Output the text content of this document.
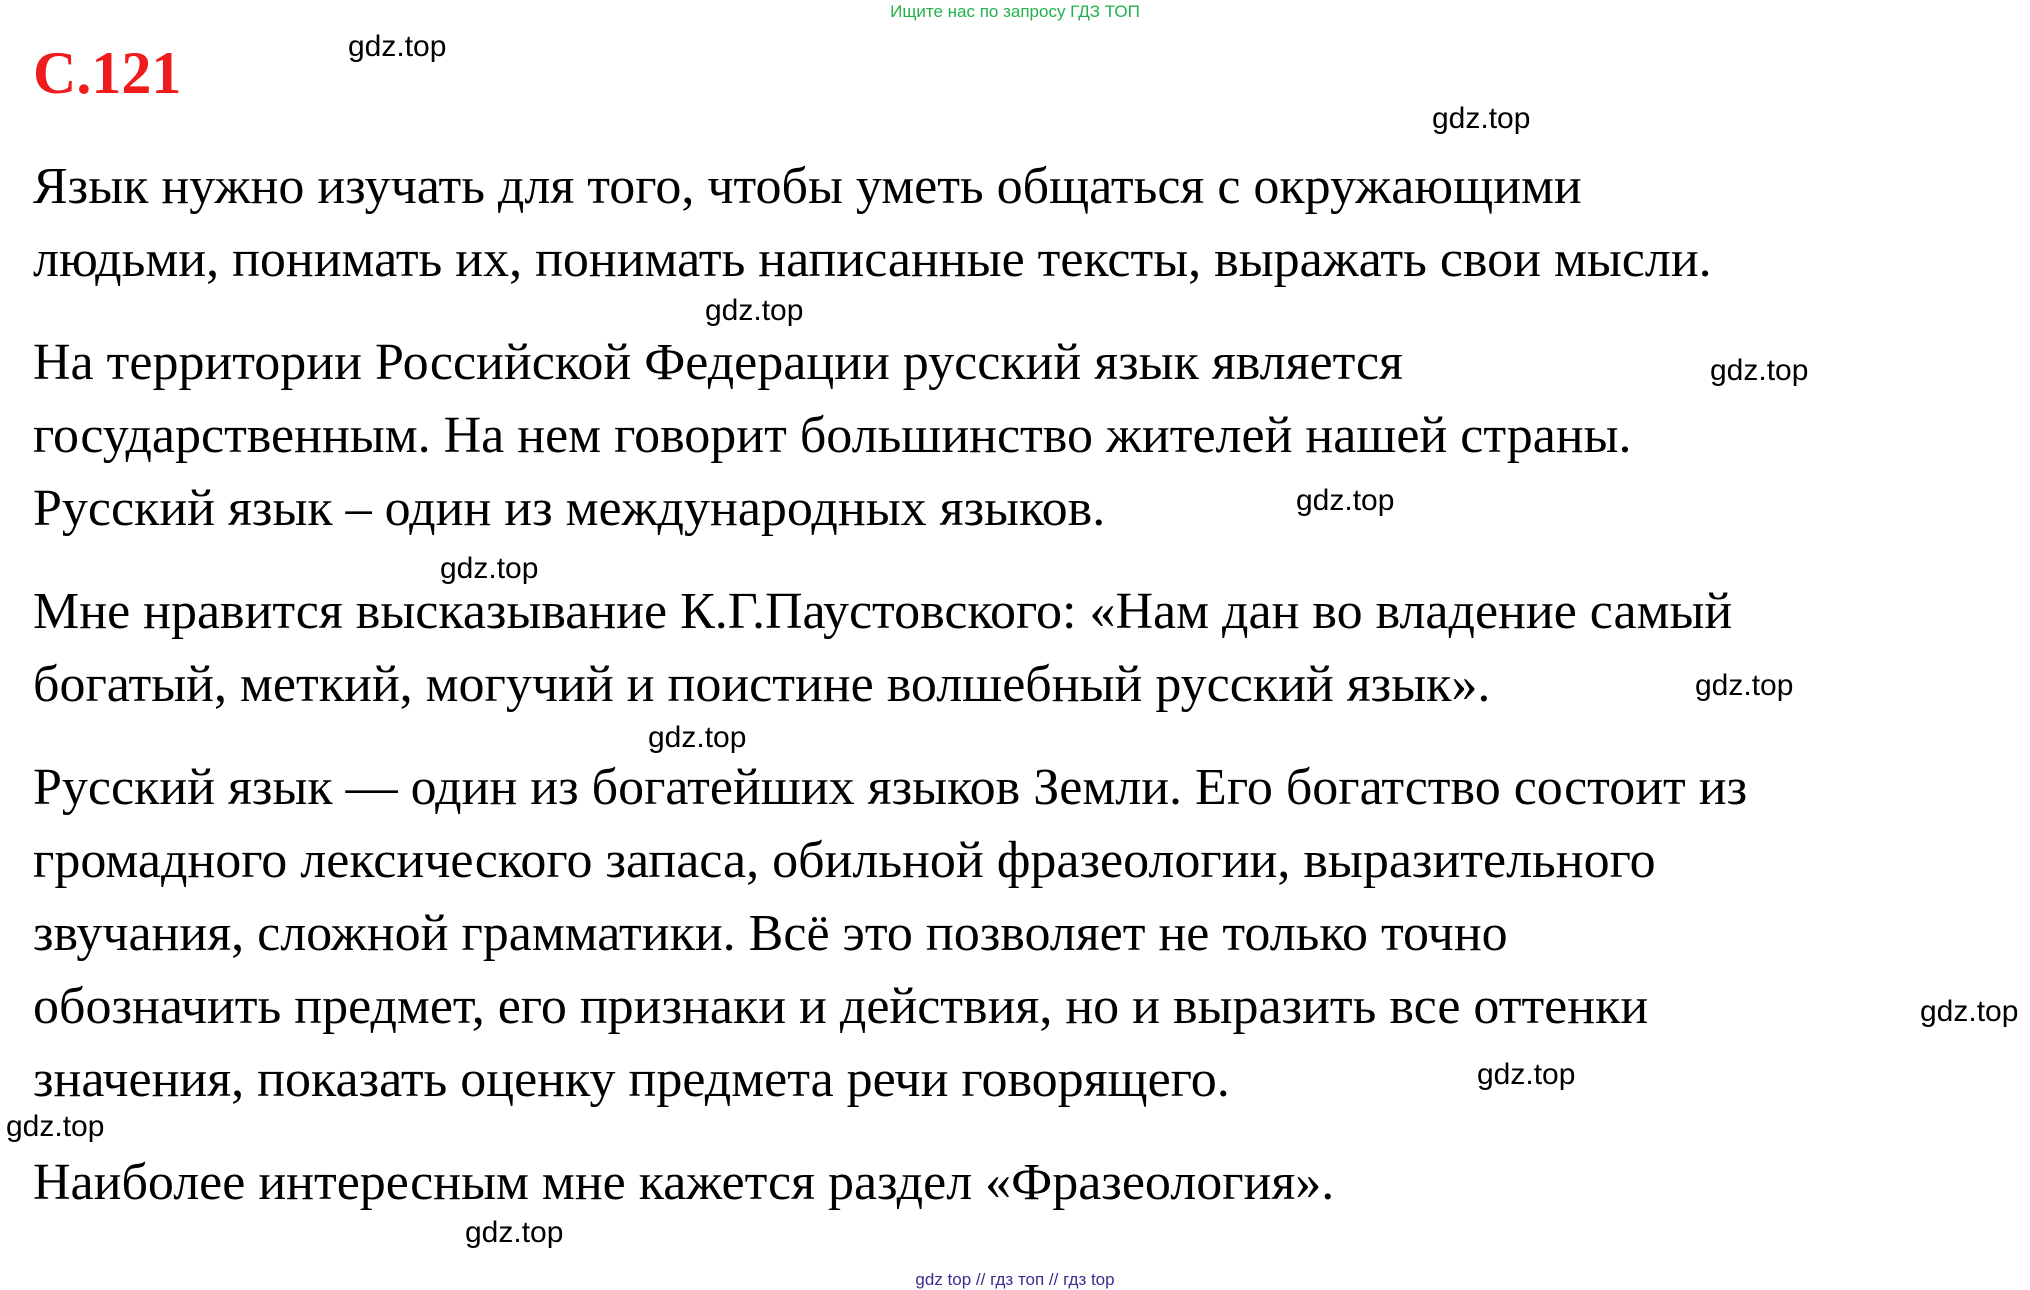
Ищите нас по запросу ГДЗ ТОП
С.121

Язык нужно изучать для того, чтобы уметь общаться с окружающими

людьми, понимать их, понимать написанные тексты, выражать свои мысли.

На территории Российской Федерации русский язык является

государственным. На нем говорит большинство жителей нашей страны.

Русский язык – один из международных языков.

Мне нравится высказывание К.Г.Паустовского: «Нам дан во владение самый

богатый, меткий, могучий и поистине волшебный русский язык».

Русский язык — один из богатейших языков Земли. Его богатство состоит из

громадного лексического запаса, обильной фразеологии, выразительного

звучания, сложной грамматики. Всё это позволяет не только точно

обозначить предмет, его признаки и действия, но и выразить все оттенки

значения, показать оценку предмета речи говорящего.

Наиболее интересным мне кажется раздел «Фразеология».

gdz.top
gdz.top
gdz.top
gdz.top
gdz.top
gdz.top
gdz.top
gdz.top
gdz.top
gdz.top
gdz.top
gdz.top
gdz top // гдз топ // гдз top
